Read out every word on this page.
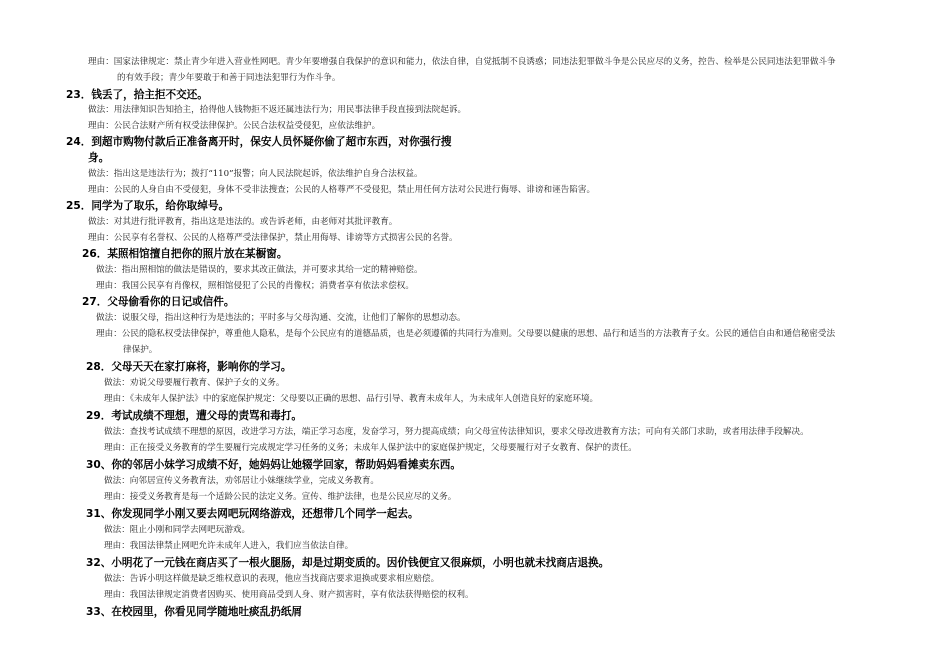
理由：国家法律规定：禁止青少年进入营业性网吧。青少年要增强自我保护的意识和能力，依法自律，自觉抵制不良诱惑；同违法犯罪做斗争是公民应尽的义务，控告、检举是公民同违法犯罪做斗争
的有效手段；青少年要敢于和善于同违法犯罪行为作斗争。
23．钱丢了，拾主拒不交还。
做法：用法律知识告知拾主，拾得他人钱物拒不返还属违法行为；用民事法律手段直接到法院起诉。
理由：公民合法财产所有权受法律保护。公民合法权益受侵犯，应依法维护。
24．到超市购物付款后正准备离开时，保安人员怀疑你偷了超市东西，对你强行搜
身。
做法：指出这是违法行为；拨打“110”报警；向人民法院起诉，依法维护自身合法权益。
理由：公民的人身自由不受侵犯，身体不受非法搜查；公民的人格尊严不受侵犯，禁止用任何方法对公民进行侮辱、诽谤和诬告陷害。
25．同学为了取乐，给你取绰号。
做法：对其进行批评教育，指出这是违法的。或告诉老师，由老师对其批评教育。
理由：公民享有名誉权、公民的人格尊严受法律保护，禁止用侮辱、诽谤等方式损害公民的名誉。
26．某照相馆擅自把你的照片放在某橱窗。
做法：指出照相馆的做法是错误的，要求其改正做法，并可要求其给一定的精神赔偿。
理由：我国公民享有肖像权，照相馆侵犯了公民的肖像权；消费者享有依法求偿权。
27．父母偷看你的日记或信件。
做法：说服父母，指出这种行为是违法的；平时多与父母沟通、交流，让他们了解你的思想动态。
理由：公民的隐私权受法律保护，尊重他人隐私，是每个公民应有的道德品质，也是必须遵循的共同行为准则。父母要以健康的思想、品行和适当的方法教育子女。公民的通信自由和通信秘密受法
律保护。
28．父母天天在家打麻将，影响你的学习。
做法：劝说父母要履行教育、保护子女的义务。
理由：《未成年人保护法》中的家庭保护规定：父母要以正确的思想、品行引导、教育未成年人，为未成年人创造良好的家庭环境。
29．考试成绩不理想，遭父母的责骂和毒打。
做法：查找考试成绩不理想的原因，改进学习方法，端正学习态度，发奋学习，努力提高成绩；向父母宣传法律知识，要求父母改进教育方法；可向有关部门求助，或者用法律手段解决。
理由：正在接受义务教育的学生要履行完成规定学习任务的义务；未成年人保护法中的家庭保护规定，父母要履行对子女教育、保护的责任。
30、你的邻居小妹学习成绩不好，她妈妈让她辍学回家，帮助妈妈看摊卖东西。
做法：向邻居宣传义务教育法，劝邻居让小妹继续学业，完成义务教育。
理由：接受义务教育是每一个适龄公民的法定义务。宣传、维护法律，也是公民应尽的义务。
31、你发现同学小刚又要去网吧玩网络游戏，还想带几个同学一起去。
做法：阻止小刚和同学去网吧玩游戏。
理由：我国法律禁止网吧允许未成年人进入，我们应当依法自律。
32、小明花了一元钱在商店买了一根火腿肠，却是过期变质的。因价钱便宜又很麻烦，小明也就未找商店退换。
做法：告诉小明这样做是缺乏维权意识的表现，他应当找商店要求退换或要求相应赔偿。
理由：我国法律规定消费者因购买、使用商品受到人身、财产损害时，享有依法获得赔偿的权利。
33、在校园里，你看见同学随地吐痰乱扔纸屑
